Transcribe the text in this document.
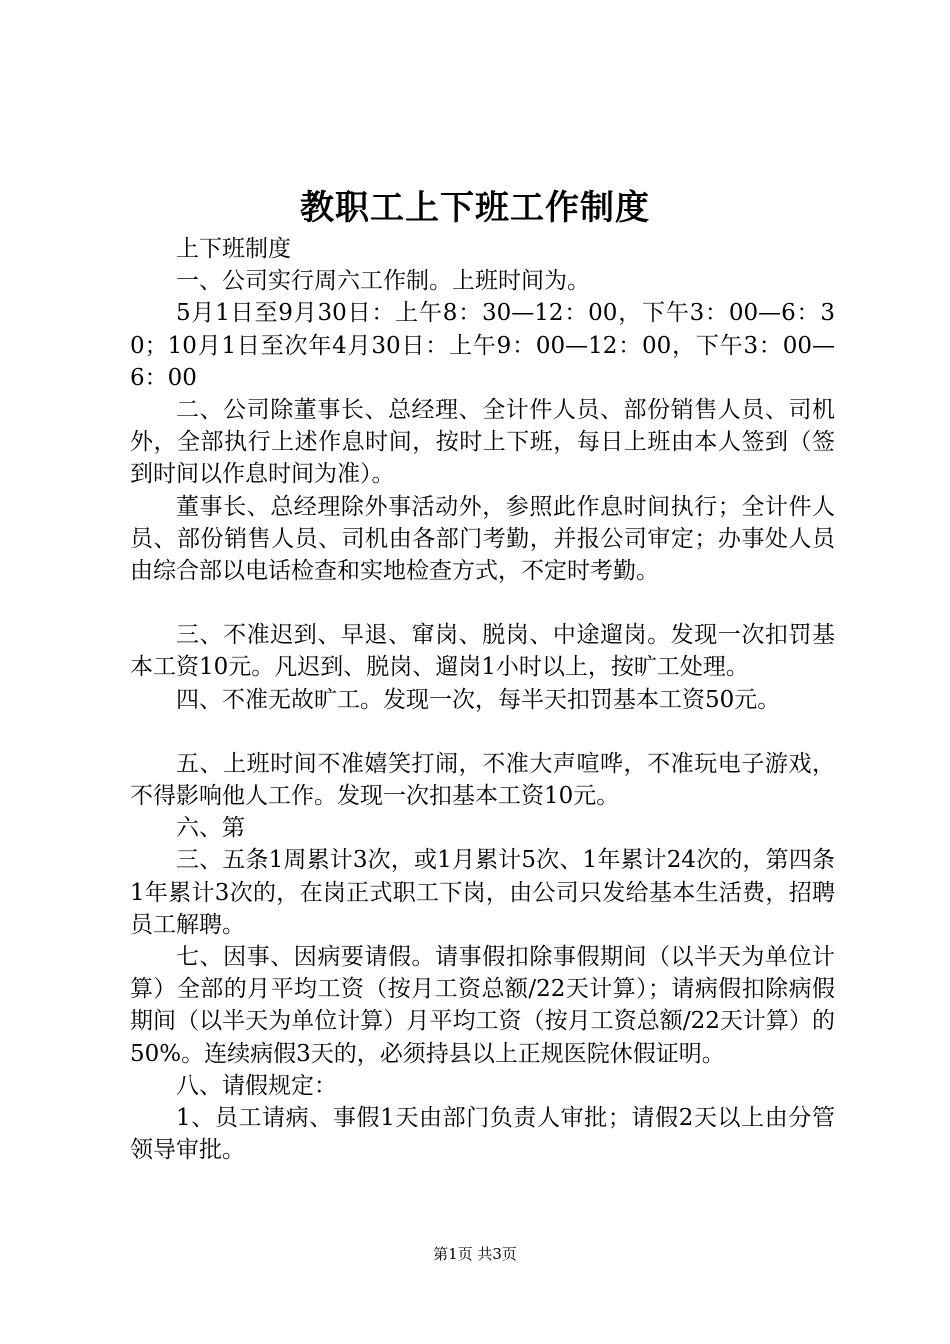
教职工上下班工作制度

上下班制度

一、公司实行周六工作制。上班时间为。

5月1日至9月30日：上午8：30—12：00，下午3：00—6：30；10月1日至次年4月30日：上午9：00—12：00，下午3：00—6：00

二、公司除董事长、总经理、全计件人员、部份销售人员、司机外，全部执行上述作息时间，按时上下班，每日上班由本人签到（签到时间以作息时间为准）。

董事长、总经理除外事活动外，参照此作息时间执行；全计件人员、部份销售人员、司机由各部门考勤，并报公司审定；办事处人员由综合部以电话检查和实地检查方式，不定时考勤。

三、不准迟到、早退、窜岗、脱岗、中途遛岗。发现一次扣罚基本工资10元。凡迟到、脱岗、遛岗1小时以上，按旷工处理。

四、不准无故旷工。发现一次，每半天扣罚基本工资50元。

五、上班时间不准嬉笑打闹，不准大声喧哗，不准玩电子游戏，不得影响他人工作。发现一次扣基本工资10元。

六、第

三、五条1周累计3次，或1月累计5次、1年累计24次的，第四条1年累计3次的，在岗正式职工下岗，由公司只发给基本生活费，招聘员工解聘。

七、因事、因病要请假。请事假扣除事假期间（以半天为单位计算）全部的月平均工资（按月工资总额/22天计算）；请病假扣除病假期间（以半天为单位计算）月平均工资（按月工资总额/22天计算）的50%。连续病假3天的，必须持县以上正规医院休假证明。

八、请假规定：

1、员工请病、事假1天由部门负责人审批；请假2天以上由分管领导审批。

第1页 共3页
